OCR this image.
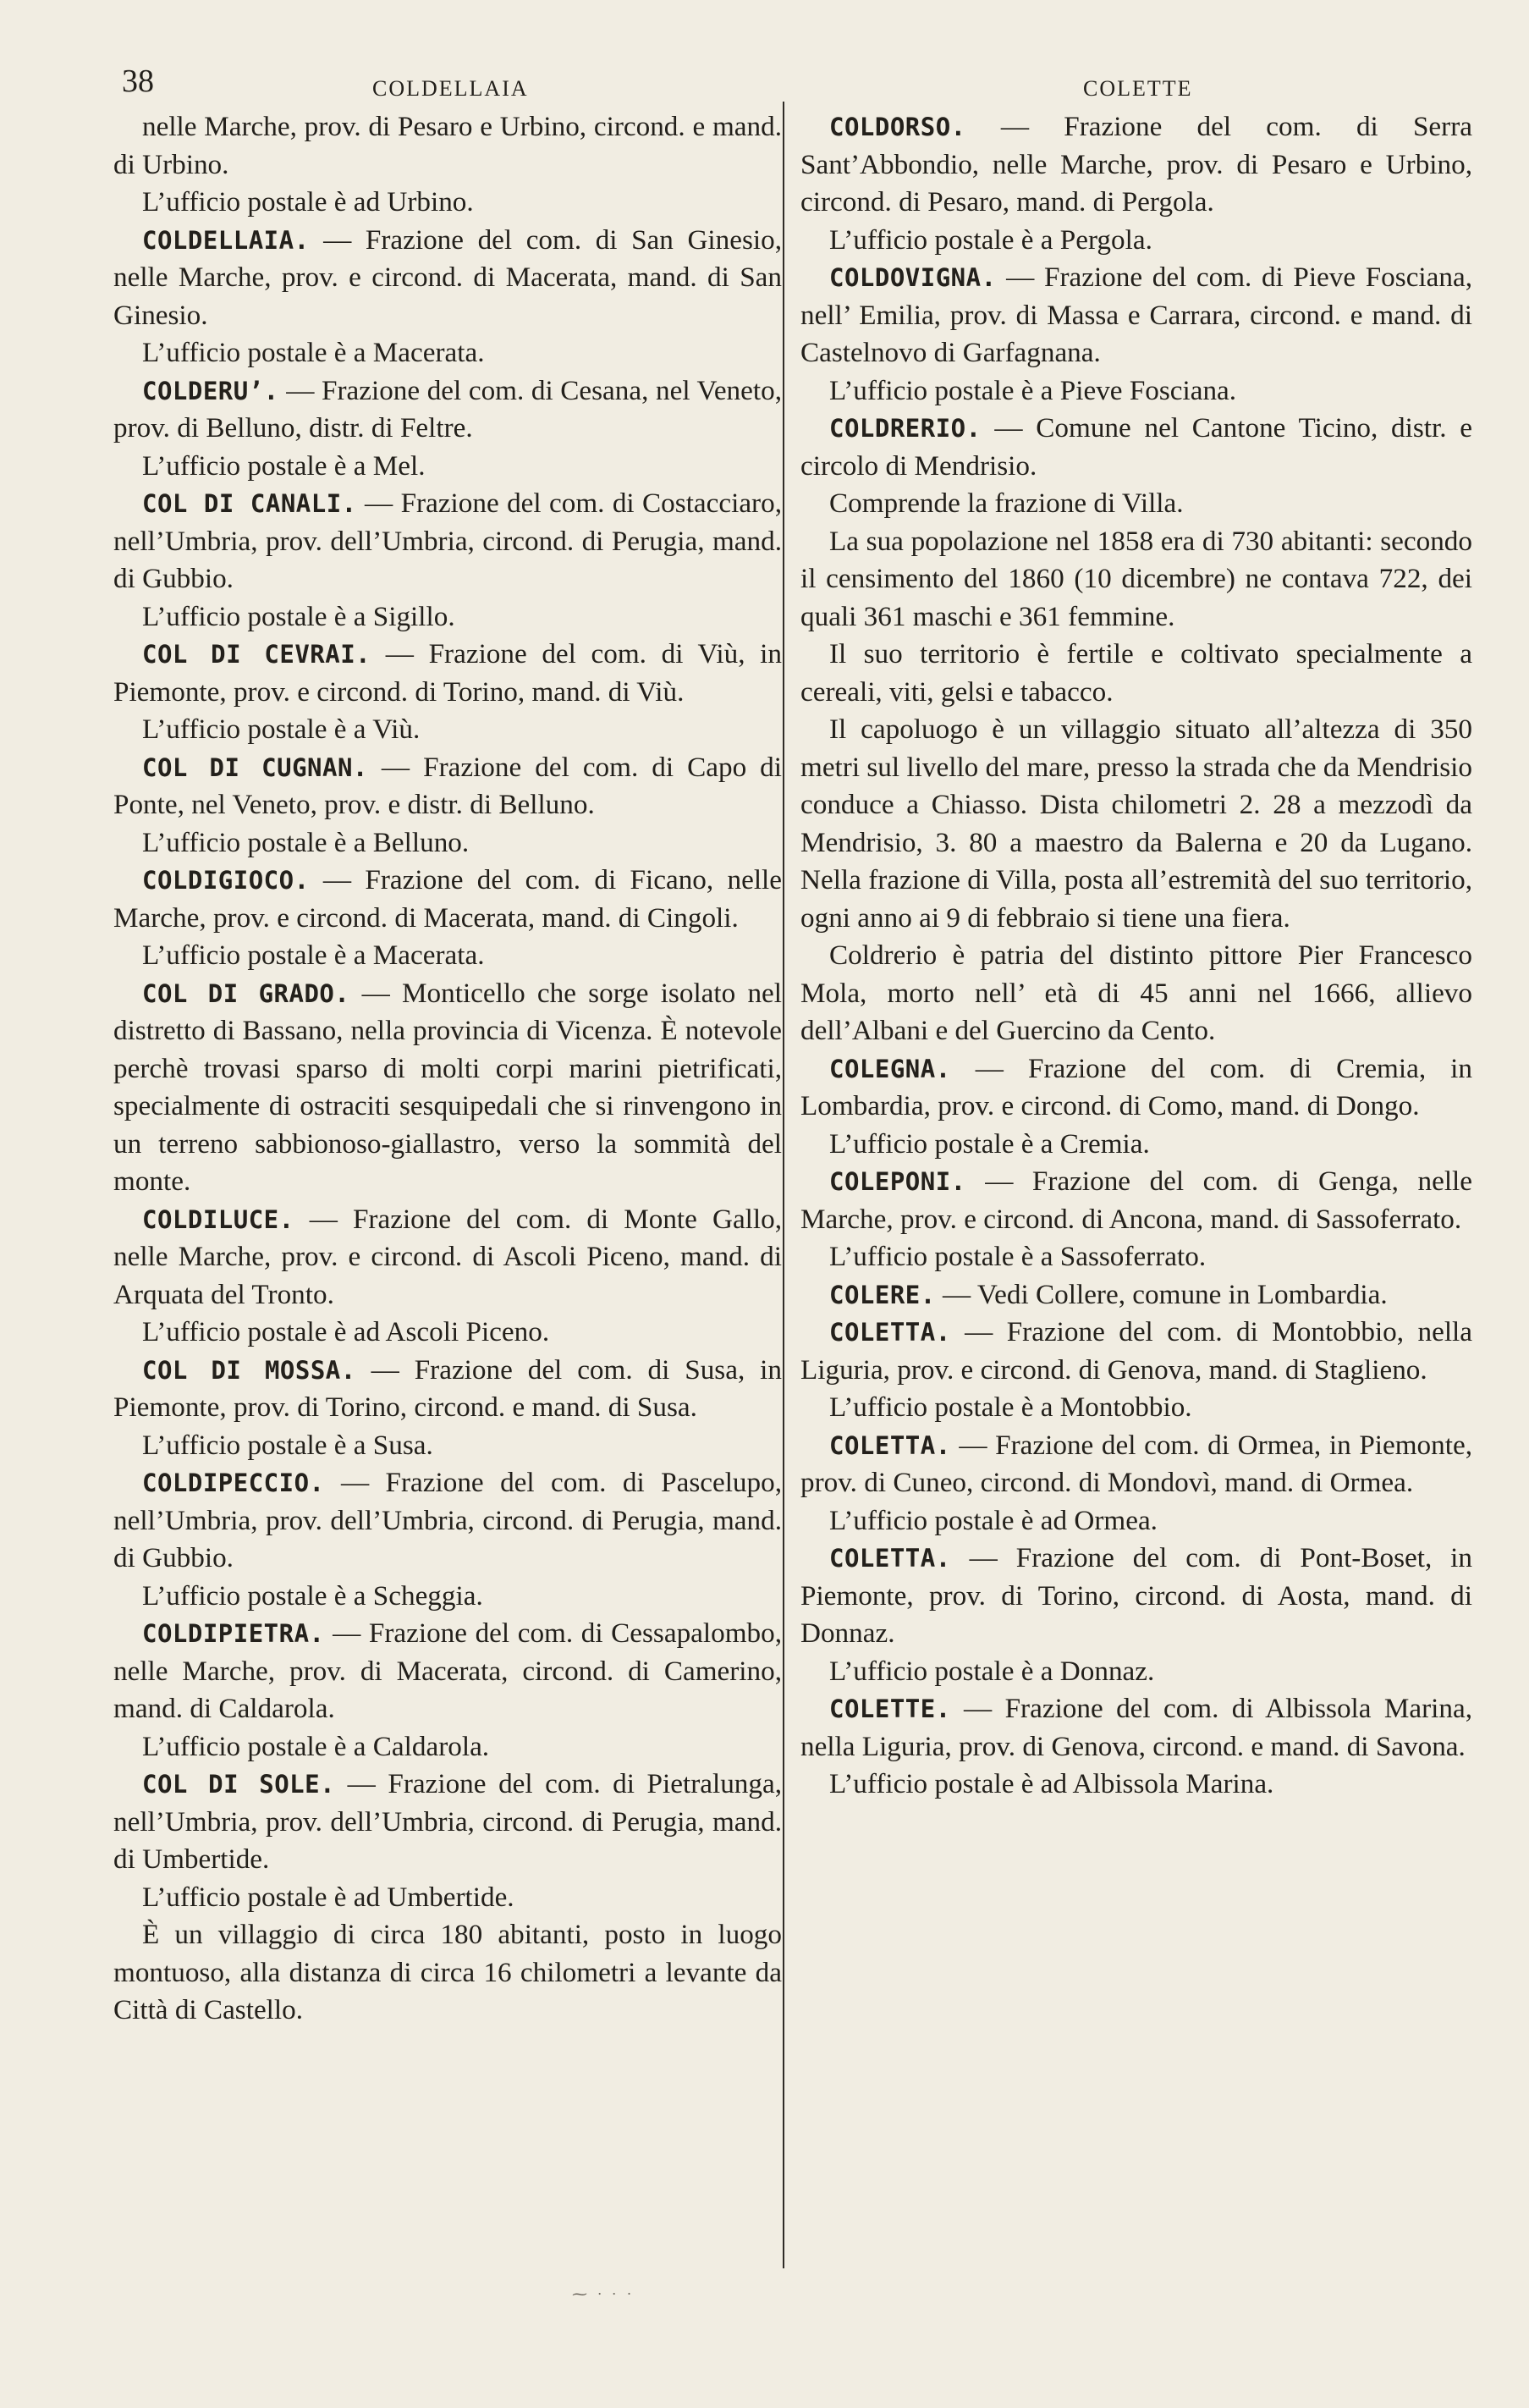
38	COLDELLAIA	COLETTE

nelle Marche, prov. di Pesaro e Urbino, circond. e mand. di Urbino.

L’ufficio postale è ad Urbino.

COLDELLAIA. — Frazione del com. di San Ginesio, nelle Marche, prov. e circond. di Macerata, mand. di San Ginesio.

L’ufficio postale è a Macerata.

COLDERU’. — Frazione del com. di Cesana, nel Veneto, prov. di Belluno, distr. di Feltre.

L’ufficio postale è a Mel.

COL DI CANALI. — Frazione del com. di Costacciaro, nell’Umbria, prov. dell’Umbria, circond. di Perugia, mand. di Gubbio.

L’ufficio postale è a Sigillo.

COL DI CEVRAI. — Frazione del com. di Viù, in Piemonte, prov. e circond. di Torino, mand. di Viù.

L’ufficio postale è a Viù.

COL DI CUGNAN. — Frazione del com. di Capo di Ponte, nel Veneto, prov. e distr. di Belluno.

L’ufficio postale è a Belluno.

COLDIGIOCO. — Frazione del com. di Ficano, nelle Marche, prov. e circond. di Macerata, mand. di Cingoli.

L’ufficio postale è a Macerata.

COL DI GRADO. — Monticello che sorge isolato nel distretto di Bassano, nella provincia di Vicenza. È notevole perchè trovasi sparso di molti corpi marini pietrificati, specialmente di ostraciti sesquipedali che si rinvengono in un terreno sabbionoso-giallastro, verso la sommità del monte.

COLDILUCE. — Frazione del com. di Monte Gallo, nelle Marche, prov. e circond. di Ascoli Piceno, mand. di Arquata del Tronto.

L’ufficio postale è ad Ascoli Piceno.

COL DI MOSSA. — Frazione del com. di Susa, in Piemonte, prov. di Torino, circond. e mand. di Susa.

L’ufficio postale è a Susa.

COLDIPECCIO. — Frazione del com. di Pascelupo, nell’Umbria, prov. dell’Umbria, circond. di Perugia, mand. di Gubbio.

L’ufficio postale è a Scheggia.

COLDIPIETRA. — Frazione del com. di Cessapalombo, nelle Marche, prov. di Macerata, circond. di Camerino, mand. di Caldarola.

L’ufficio postale è a Caldarola.

COL DI SOLE. — Frazione del com. di Pietralunga, nell’Umbria, prov. dell’Umbria, circond. di Perugia, mand. di Umbertide.

L’ufficio postale è ad Umbertide.

È un villaggio di circa 180 abitanti, posto in luogo montuoso, alla distanza di circa 16 chilometri a levante da Città di Castello.

COLDORSO. — Frazione del com. di Serra Sant’Abbondio, nelle Marche, prov. di Pesaro e Urbino, circond. di Pesaro, mand. di Pergola.

L’ufficio postale è a Pergola.

COLDOVIGNA. — Frazione del com. di Pieve Fosciana, nell’ Emilia, prov. di Massa e Carrara, circond. e mand. di Castelnovo di Garfagnana.

L’ufficio postale è a Pieve Fosciana.

COLDRERIO. — Comune nel Cantone Ticino, distr. e circolo di Mendrisio.

Comprende la frazione di Villa.

La sua popolazione nel 1858 era di 730 abitanti: secondo il censimento del 1860 (10 dicembre) ne contava 722, dei quali 361 maschi e 361 femmine.

Il suo territorio è fertile e coltivato specialmente a cereali, viti, gelsi e tabacco.

Il capoluogo è un villaggio situato all’altezza di 350 metri sul livello del mare, presso la strada che da Mendrisio conduce a Chiasso. Dista chilometri 2. 28 a mezzodì da Mendrisio, 3. 80 a maestro da Balerna e 20 da Lugano. Nella frazione di Villa, posta all’estremità del suo territorio, ogni anno ai 9 di febbraio si tiene una fiera.

Coldrerio è patria del distinto pittore Pier Francesco Mola, morto nell’ età di 45 anni nel 1666, allievo dell’Albani e del Guercino da Cento.

COLEGNA. — Frazione del com. di Cremia, in Lombardia, prov. e circond. di Como, mand. di Dongo.

L’ufficio postale è a Cremia.

COLEPONI. — Frazione del com. di Genga, nelle Marche, prov. e circond. di Ancona, mand. di Sassoferrato.

L’ufficio postale è a Sassoferrato.

COLERE. — Vedi Collere, comune in Lombardia.

COLETTA. — Frazione del com. di Montobbio, nella Liguria, prov. e circond. di Genova, mand. di Staglieno.

L’ufficio postale è a Montobbio.

COLETTA. — Frazione del com. di Ormea, in Piemonte, prov. di Cuneo, circond. di Mondovì, mand. di Ormea.

L’ufficio postale è ad Ormea.

COLETTA. — Frazione del com. di Pont-Boset, in Piemonte, prov. di Torino, circond. di Aosta, mand. di Donnaz.

L’ufficio postale è a Donnaz.

COLETTE. — Frazione del com. di Albissola Marina, nella Liguria, prov. di Genova, circond. e mand. di Savona.

L’ufficio postale è ad Albissola Marina.

⁓ ∙ ∙ ·
